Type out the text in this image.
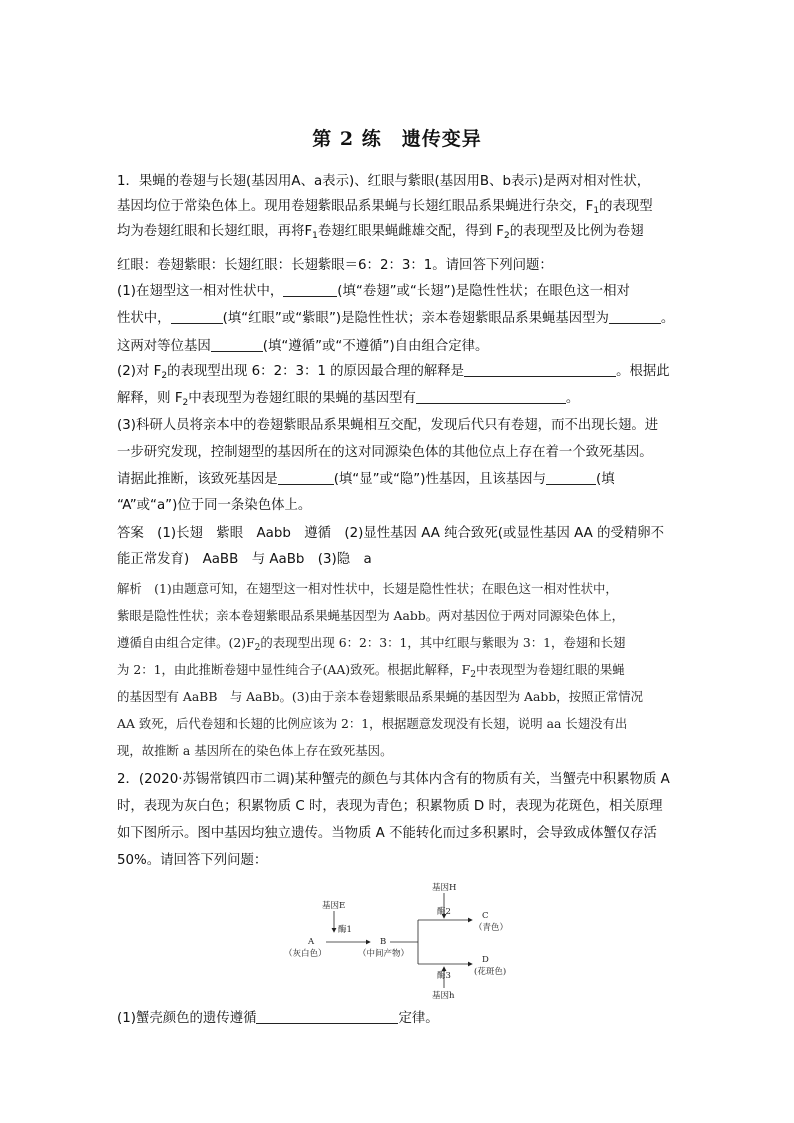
第 2 练　遗传变异
1．果蝇的卷翅与长翅(基因用A、a表示)、红眼与紫眼(基因用B、b表示)是两对相对性状，
基因均位于常染色体上。现用卷翅紫眼品系果蝇与长翅红眼品系果蝇进行杂交，$F_1$的表现型
均为卷翅红眼和长翅红眼，再将$F_1$卷翅红眼果蝇雌雄交配，得到 $F_2$的表现型及比例为卷翅
红眼：卷翅紫眼：长翅红眼：长翅紫眼＝6：2：3：1。请回答下列问题：
(1)在翅型这一相对性状中，	(填“卷翅”或“长翅”)是隐性性状；在眼色这一相对
性状中，	(填“红眼”或“紫眼”)是隐性性状；亲本卷翅紫眼品系果蝇基因型为	。
这两对等位基因	(填“遵循”或“不遵循”)自由组合定律。
(2)对 $F_2$的表现型出现 6：2：3：1 的原因最合理的解释是	。根据此
解释，则 $F_2$中表现型为卷翅红眼的果蝇的基因型有	。
(3)科研人员将亲本中的卷翅紫眼品系果蝇相互交配，发现后代只有卷翅，而不出现长翅。进
一步研究发现，控制翅型的基因所在的这对同源染色体的其他位点上存在着一个致死基因。
请据此推断，该致死基因是	(填“显”或“隐”)性基因，且该基因与	(填
“A”或“a”)位于同一条染色体上。
答案　(1)长翅　紫眼　Aabb　遵循　(2)显性基因 AA 纯合致死(或显性基因 AA 的受精卵不
能正常发育)　AaBB　与 AaBb　(3)隐　a
解析　(1)由题意可知，在翅型这一相对性状中，长翅是隐性性状；在眼色这一相对性状中，
紫眼是隐性性状；亲本卷翅紫眼品系果蝇基因型为 Aabb。两对基因位于两对同源染色体上，
遵循自由组合定律。$(2)F_2$的表现型出现 6：2：3：1，其中红眼与紫眼为 3：1，卷翅和长翅
为 2：1，由此推断卷翅中显性纯合子(AA)致死。根据此解释，$F_2$中表现型为卷翅红眼的果蝇
的基因型有 AaBB　与 AaBb。(3)由于亲本卷翅紫眼品系果蝇的基因型为 Aabb，按照正常情况
AA 致死，后代卷翅和长翅的比例应该为 2：1，根据题意发现没有长翅，说明 aa 长翅没有出
现，故推断 a 基因所在的染色体上存在致死基因。
2．(2020·苏锡常镇四市二调)某种蟹壳的颜色与其体内含有的物质有关，当蟹壳中积累物质 A
时，表现为灰白色；积累物质 C 时，表现为青色；积累物质 D 时，表现为花斑色，相关原理
如下图所示。图中基因均独立遗传。当物质 A 不能转化而过多积累时，会导致成体蟹仅存活
50%。请回答下列问题：
基因E
酶1
A
（灰白色）
B
（中间产物）
基因H
酶2	C
（青色）
D
(花斑色)
酶3
基因h
(1)蟹壳颜色的遗传遵循	定律。
